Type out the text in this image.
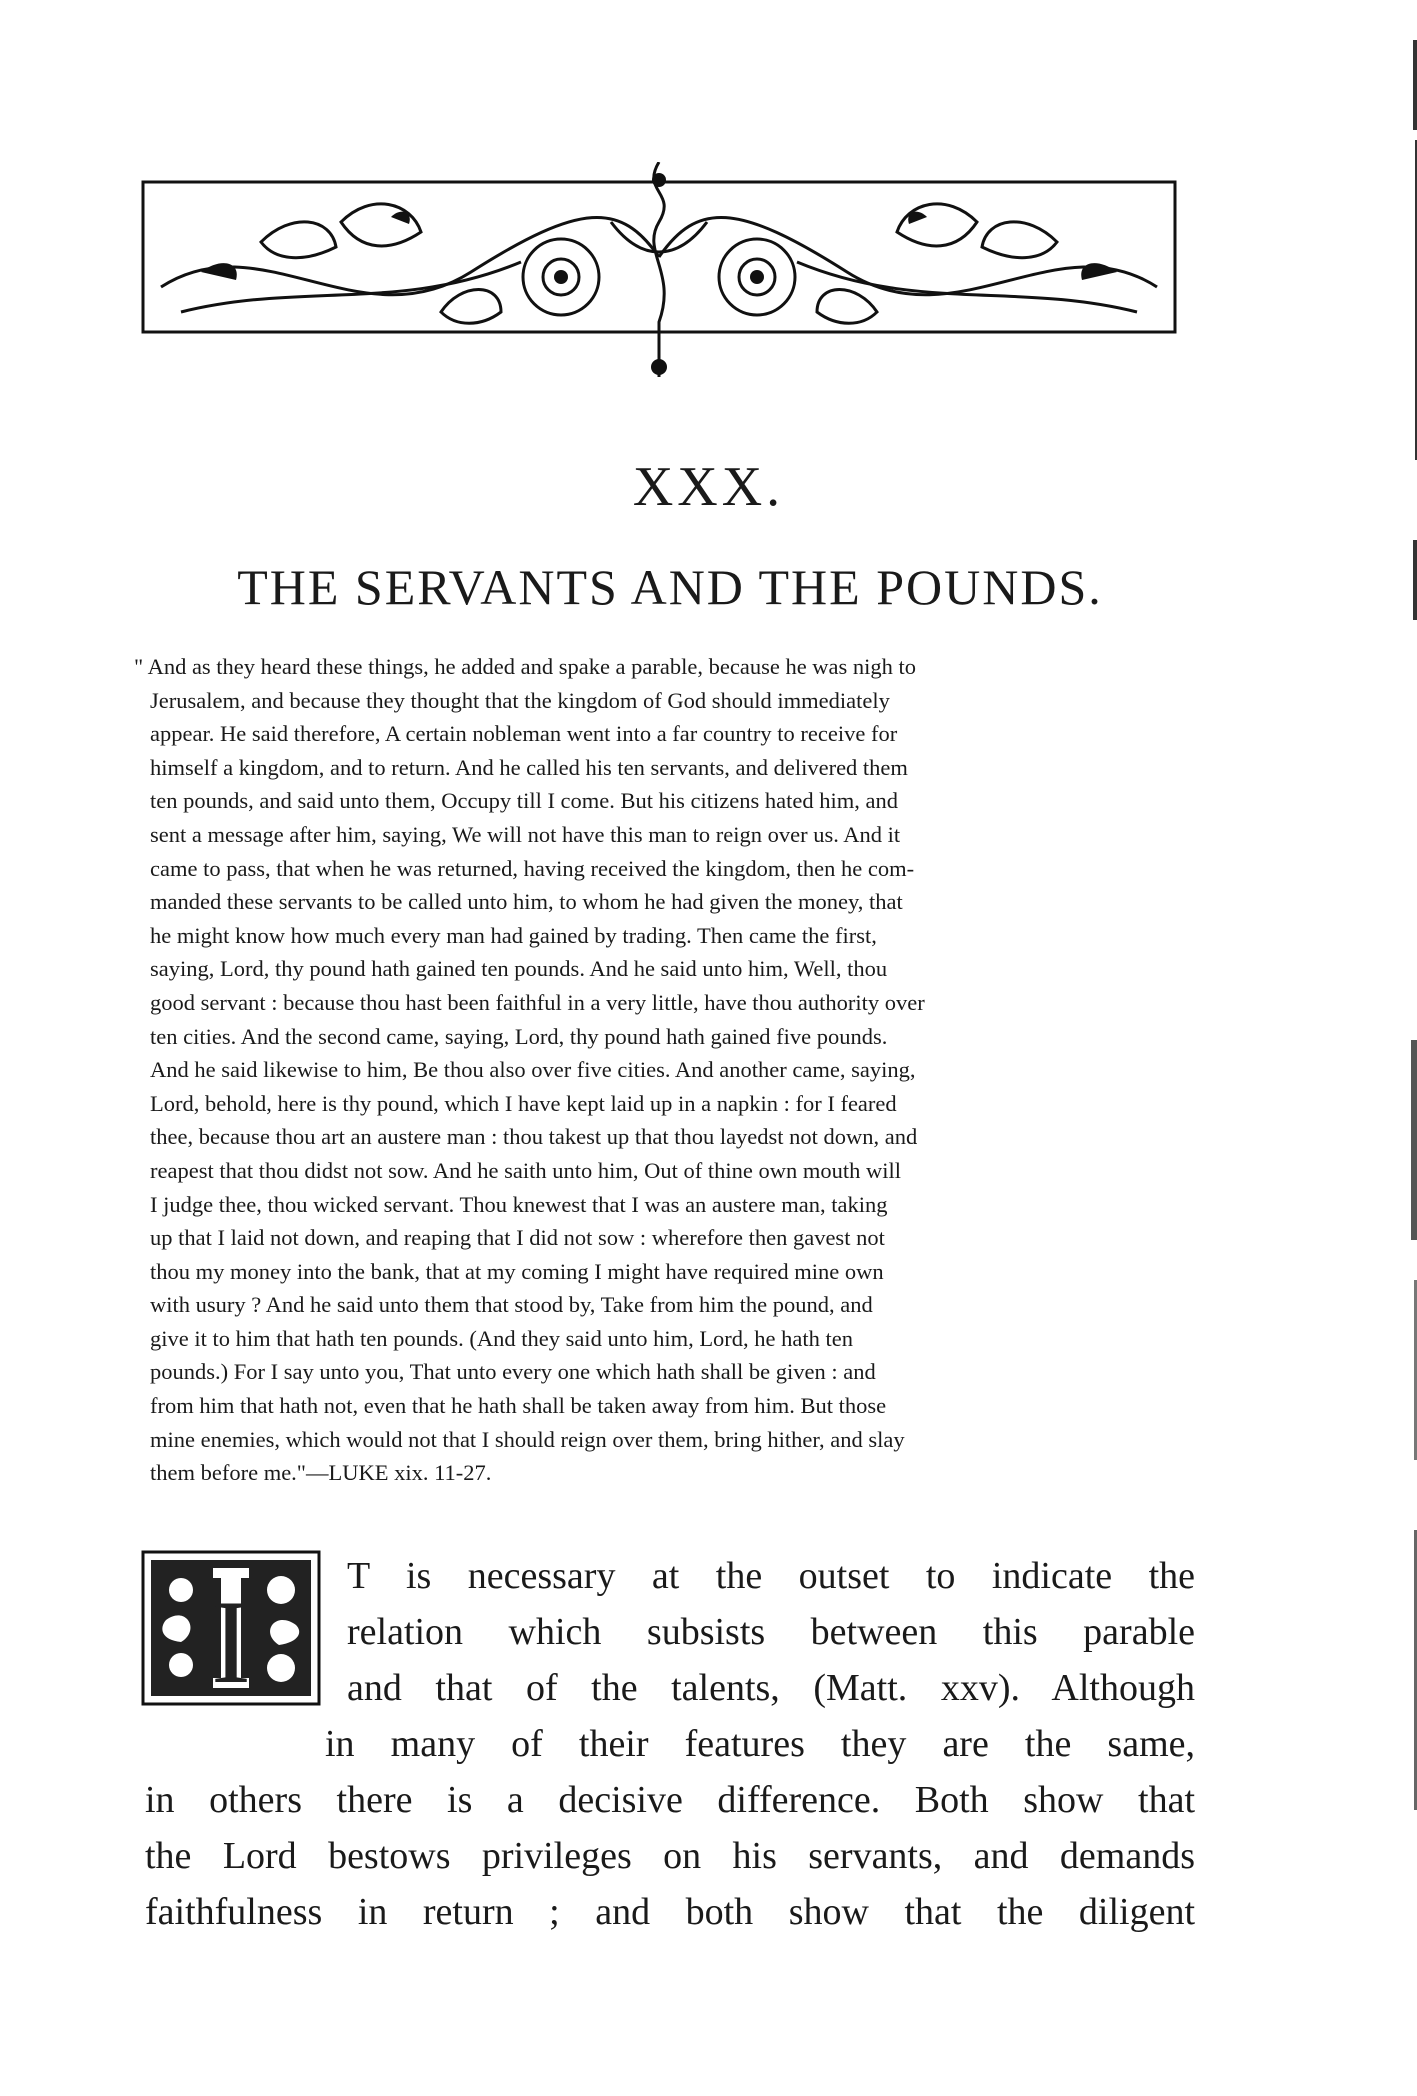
XXX.
THE SERVANTS AND THE POUNDS.
" And as they heard these things, he added and spake a parable, because he was nigh to
Jerusalem, and because they thought that the kingdom of God should immediately
appear. He said therefore, A certain nobleman went into a far country to receive for
himself a kingdom, and to return. And he called his ten servants, and delivered them
ten pounds, and said unto them, Occupy till I come. But his citizens hated him, and
sent a message after him, saying, We will not have this man to reign over us. And it
came to pass, that when he was returned, having received the kingdom, then he com-
manded these servants to be called unto him, to whom he had given the money, that
he might know how much every man had gained by trading. Then came the first,
saying, Lord, thy pound hath gained ten pounds. And he said unto him, Well, thou
good servant : because thou hast been faithful in a very little, have thou authority over
ten cities. And the second came, saying, Lord, thy pound hath gained five pounds.
And he said likewise to him, Be thou also over five cities. And another came, saying,
Lord, behold, here is thy pound, which I have kept laid up in a napkin : for I feared
thee, because thou art an austere man : thou takest up that thou layedst not down, and
reapest that thou didst not sow. And he saith unto him, Out of thine own mouth will
I judge thee, thou wicked servant. Thou knewest that I was an austere man, taking
up that I laid not down, and reaping that I did not sow : wherefore then gavest not
thou my money into the bank, that at my coming I might have required mine own
with usury ? And he said unto them that stood by, Take from him the pound, and
give it to him that hath ten pounds. (And they said unto him, Lord, he hath ten
pounds.) For I say unto you, That unto every one which hath shall be given : and
from him that hath not, even that he hath shall be taken away from him. But those
mine enemies, which would not that I should reign over them, bring hither, and slay
them before me."—LUKE xix. 11-27.
I	T is necessary at the outset to indicate the
relation which subsists between this parable
and that of the talents, (Matt. xxv). Although
in many of their features they are the same,
in others there is a decisive difference. Both show that
the Lord bestows privileges on his servants, and demands
faithfulness in return ; and both show that the diligent
